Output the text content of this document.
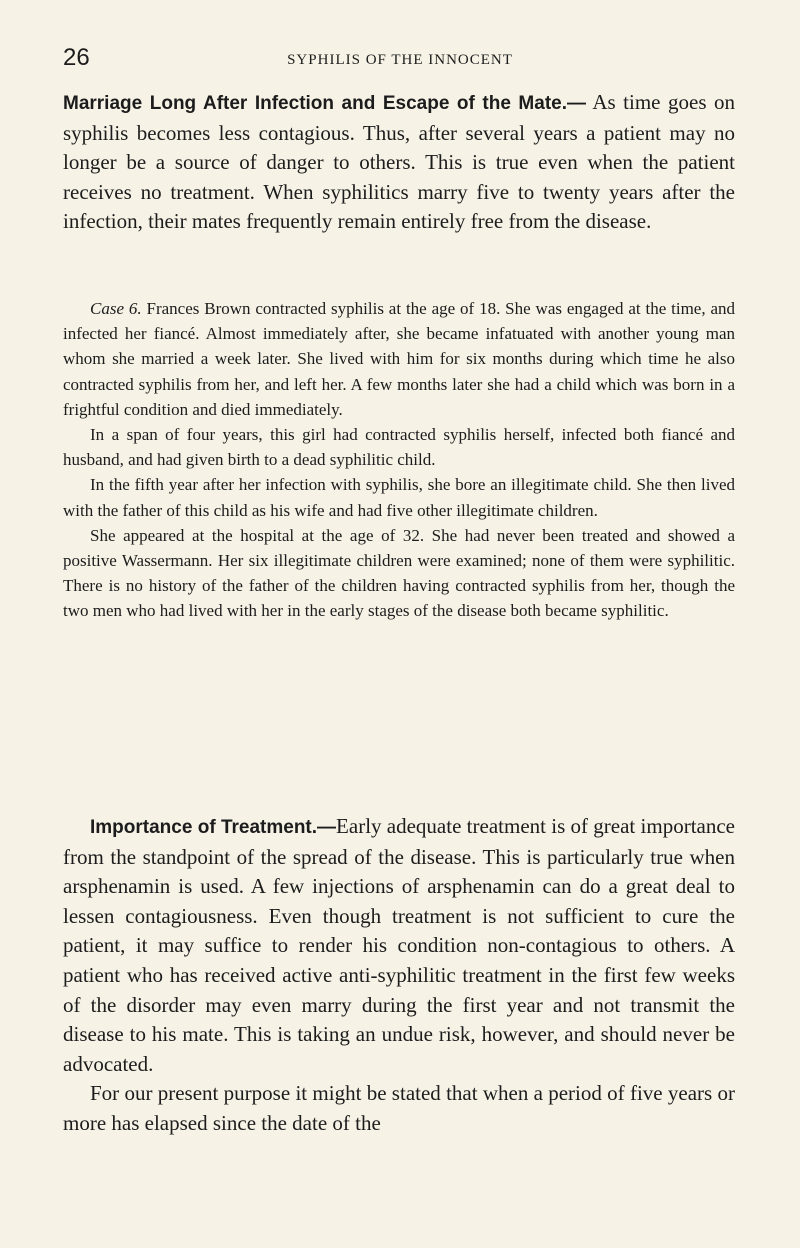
26	SYPHILIS OF THE INNOCENT

Marriage Long After Infection and Escape of the Mate.— As time goes on syphilis becomes less contagious. Thus, after several years a patient may no longer be a source of danger to others. This is true even when the patient receives no treatment. When syphilitics marry five to twenty years after the infection, their mates frequently remain entirely free from the disease.

Case 6. Frances Brown contracted syphilis at the age of 18. She was engaged at the time, and infected her fiancé. Almost immediately after, she became infatuated with another young man whom she married a week later. She lived with him for six months during which time he also contracted syphilis from her, and left her. A few months later she had a child which was born in a frightful condition and died immediately.

In a span of four years, this girl had contracted syphilis herself, infected both fiancé and husband, and had given birth to a dead syphilitic child.

In the fifth year after her infection with syphilis, she bore an illegitimate child. She then lived with the father of this child as his wife and had five other illegitimate children.

She appeared at the hospital at the age of 32. She had never been treated and showed a positive Wassermann. Her six illegitimate children were examined; none of them were syphilitic. There is no history of the father of the children having contracted syphilis from her, though the two men who had lived with her in the early stages of the disease both became syphilitic.

Importance of Treatment.—Early adequate treatment is of great importance from the standpoint of the spread of the disease. This is particularly true when arsphenamin is used. A few injections of arsphenamin can do a great deal to lessen contagiousness. Even though treatment is not sufficient to cure the patient, it may suffice to render his condition non-contagious to others. A patient who has received active anti-syphilitic treatment in the first few weeks of the disorder may even marry during the first year and not transmit the disease to his mate. This is taking an undue risk, however, and should never be advocated.

For our present purpose it might be stated that when a period of five years or more has elapsed since the date of the
